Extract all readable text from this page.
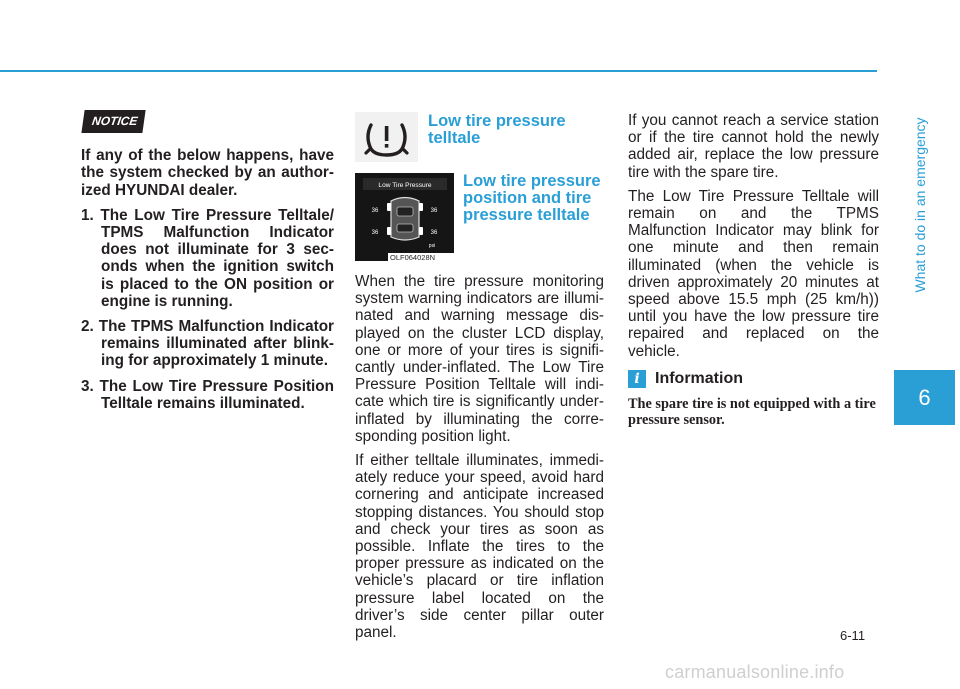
What to do in an emergency
6
NOTICE

If any of the below happens, have the system checked by an authorized HYUNDAI dealer.

1. The Low Tire Pressure Telltale/ TPMS Malfunction Indicator does not illuminate for 3 seconds when the ignition switch is placed to the ON position or engine is running.

2. The TPMS Malfunction Indicator remains illuminated after blinking for approximately 1 minute.

3. The Low Tire Pressure Position Telltale remains illuminated.

Low tire pressure telltale
Low Tire Pressure
36	36
36	36
psi
OLF064028N
Low tire pressure position and tire pressure telltale

When the tire pressure monitoring system warning indicators are illuminated and warning message displayed on the cluster LCD display, one or more of your tires is significantly under-inflated. The Low Tire Pressure Position Telltale will indicate which tire is significantly under-inflated by illuminating the corresponding position light.

If either telltale illuminates, immediately reduce your speed, avoid hard cornering and anticipate increased stopping distances. You should stop and check your tires as soon as possible. Inflate the tires to the proper pressure as indicated on the vehicle’s placard or tire inflation pressure label located on the driver’s side center pillar outer panel.

If you cannot reach a service station or if the tire cannot hold the newly added air, replace the low pressure tire with the spare tire.

The Low Tire Pressure Telltale will remain on and the TPMS Malfunction Indicator may blink for one minute and then remain illuminated (when the vehicle is driven approximately 20 minutes at speed above 15.5 mph (25 km/h)) until you have the low pressure tire repaired and replaced on the vehicle.

i Information

The spare tire is not equipped with a tire pressure sensor.

6-11
carmanualsonline.info
